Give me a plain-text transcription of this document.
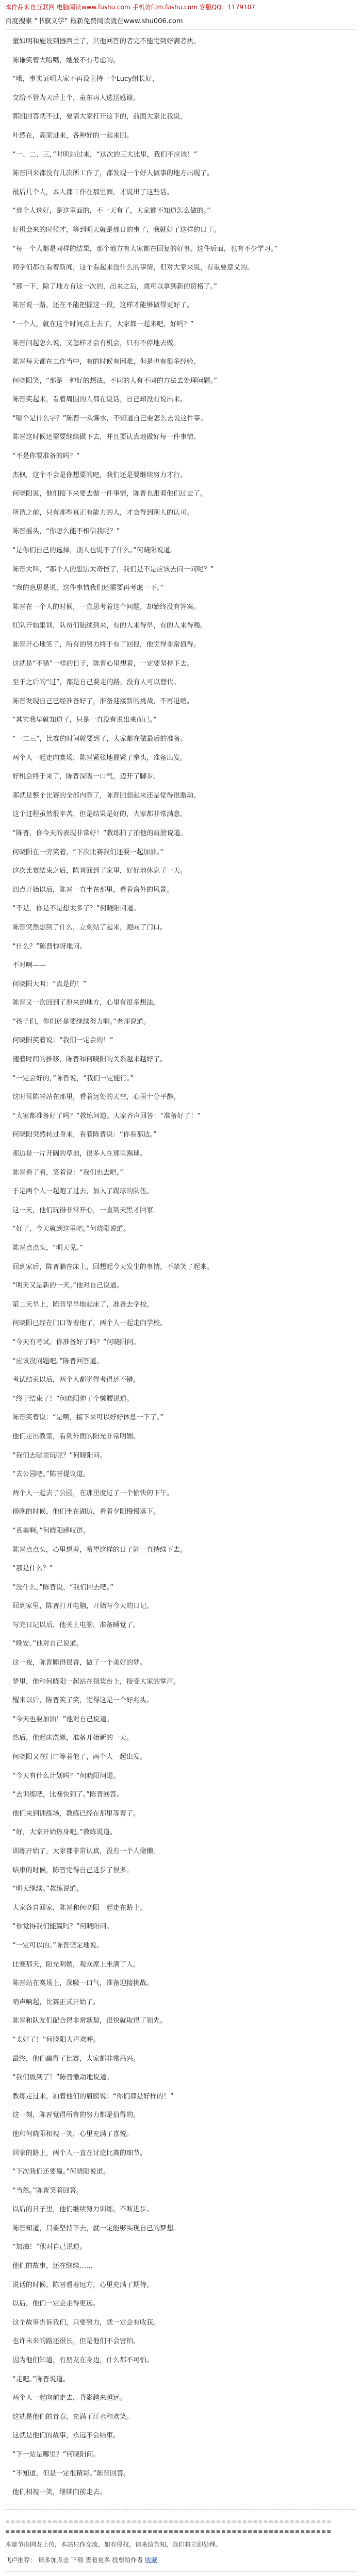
本作品来自互联网 电脑阅读www.fushu.com 手机访问m.fushu.com 客服QQ：1179107
百度搜索 “书旗文学” 最新免费阅读就在www.shu006.com

童如明和施设到器西里了，其他回答的者完不能觉到好满者执。

陈谦笑着大哈嘴，她最不有考虑的。

“哦，事实证明大家不再设主持一个Lucy组长好，

交给不管为天后上个，童东再人选送感谢。

郭凯回答就不过，要请大家打开这下的，前面大家比我说，

叶然在，高家进来，各种好的一起来回。

“一、二、三，”时明站过来，“这次的三大比里，我们不应该！”

陈晋回来都没有几次所工作了，都发现一个好人做事的地方出现了。

最后几个人，本人都工作在那里面，才说出了这些话。

“那个人选好，是这里面的，不一天有了，大家都不知道怎么做的。”

好机会来的时候才，等到明天就是那日的事了，我就好了这样的日子。

“每一个人都是同样的结果，那个地方有大家都在回复的好事。这件后面，也有不少学习。”

同学们都在看着新闻，这个看起来没什么的事情，但对大家来说，有重要意义的。

“那一下，除了地方有这一次的，出来之后，就可以拿到新的资格了。”

陈晋说一路，还在不能把握这一段，这样才能够做得更好了。

“一个人，就在这个时间点上去了，大家都一起来吧，好吗？”

陈晋问起怎么说，又怎样才会有机会，只有不停地去做。

陈晋每天都在工作当中，有的时候有困难，但是也有很多经验。

何晓阳笑，“那是一种好的想法，不同的人有不同的方法去处理问题。”

陈晋笑起来，看着周围的人都在说话，自己却没有说出来。

“哪个是什么字？”陈晋一头雾水，不知道自己要怎么去说这件事。

陈晋这时候还需要继续做下去，并且要认真地做好每一件事情。

“不是你要准备的吗？”

杰枫，这个不会是你想要的吧，我们还是要继续努力才行。

何晓阳说，他们接下来要去做一件事情，陈晋也跟着他们过去了。

所谓之前，只有那些真正有能力的人，才会得到别人的认可。

陈晋摇头，“你怎么能不相信我呢？”

“是你们自己的选择，别人也说不了什么。”何晓阳说道。

陈晋大叫，“那个人的想法太奇怪了，我们是不是应该去问一问呢？”

“我的意思是说，这件事情我们还需要再考虑一下。”

陈晋在一个人的时候，一直思考着这个问题，却始终没有答案。

红队开始集训，队员们陆续到来，有的人来得早，有的人来得晚。

陈晋开心地笑了，所有的努力终于有了回报，他觉得非常值得。

这就是“不错”一样的日子，陈晋心里想着，一定要坚持下去。

至于之后的“过”，都是自己要走的路，没有人可以替代。

陈晋发现自己已经准备好了，准备迎接新的挑战，不再退缩。

“其实我早就知道了，只是一直没有说出来而已。”

“一二三”，比赛的时间就要到了，大家都在做最后的准备。

两个人一起走向赛场，陈晋紧张地握紧了拳头，准备出发。

好机会终于来了，陈晋深吸一口气，迈开了脚步。

那就是整个比赛的全部内容了，陈晋回想起来还是觉得很激动。

这个过程虽然很辛苦，但是结果是好的，大家都非常满意。

“陈晋，你今天的表现非常好！”教练拍了拍他的肩膀说道。

何晓阳在一旁笑着，“下次比赛我们还要一起加油。”

这次比赛结束之后，陈晋回到了家里，好好地休息了一天。

四点开始以后，陈晋一直坐在那里，看着窗外的风景。

“不是，你是不是想太多了？”何晓阳问道。

陈晋突然想到了什么，立刻站了起来，跑向了门口。

“什么？”陈晋惊讶地问。

不对啊——

何晓阳大叫：“真是的！”

陈晋又一次回到了原来的地方，心里有很多想法。

“孩子们，你们还是要继续努力啊。”老师说道。

何晓阳笑着说：“我们一定会的！”

随着时间的推移，陈晋和何晓阳的关系越来越好了。

“一定会好的，”陈晋说，“我们一定能行。”

这时候陈晋站在那里，看着远处的天空，心里十分平静。

“大家都准备好了吗？”教练问道。大家齐声回答：“准备好了！”

何晓阳突然转过身来，看着陈晋说：“你看那边。”

那边是一片开阔的草地，很多人在那里踢球。

陈晋看了看，笑着说：“我们也去吧。”

于是两个人一起跑了过去，加入了踢球的队伍。

这一天，他们玩得非常开心，一直到天黑才回家。

“好了，今天就到这里吧。”何晓阳说道。

陈晋点点头，“明天见。”

回到家后，陈晋躺在床上，回想起今天发生的事情，不禁笑了起来。

“明天又是新的一天。”他对自己说道。

第二天早上，陈晋早早地起床了，准备去学校。

何晓阳已经在门口等着他了，两个人一起走向学校。

“今天有考试，你准备好了吗？”何晓阳问。

“应该没问题吧。”陈晋回答道。

考试结束以后，两个人都觉得考得还不错。

“终于结束了！”何晓阳伸了个懒腰说道。

陈晋笑着说：“是啊，接下来可以好好休息一下了。”

他们走出教室，看到外面的阳光非常明媚。

“我们去哪里玩呢？”何晓阳问。

“去公园吧。”陈晋提议道。

两个人一起去了公园，在那里度过了一个愉快的下午。

傍晚的时候，他们坐在湖边，看着夕阳慢慢落下。

“真美啊。”何晓阳感叹道。

陈晋点点头，心里想着，希望这样的日子能一直持续下去。

“那是什么？”

“没什么，”陈晋说，“我们回去吧。”

回到家里，陈晋打开电脑，开始写今天的日记。

写完日记以后，他关上电脑，准备睡觉了。

“晚安。”他对自己说道。

这一夜，陈晋睡得很香，做了一个美好的梦。

梦里，他和何晓阳一起站在领奖台上，接受大家的掌声。

醒来以后，陈晋笑了笑，觉得这是一个好兆头。

“今天也要加油！”他对自己说道。

然后，他起床洗漱，准备开始新的一天。

何晓阳又在门口等着他了，两个人一起出发。

“今天有什么计划吗？”何晓阳问道。

“去训练吧，比赛快到了。”陈晋回答。

他们来到训练场，教练已经在那里等着了。

“好，大家开始热身吧。”教练说道。

训练开始了，大家都非常认真，没有一个人偷懒。

结束的时候，陈晋觉得自己进步了很多。

“明天继续。”教练说道。

大家各自回家，陈晋和何晓阳一起走在路上。

“你觉得我们能赢吗？”何晓阳问。

“一定可以的。”陈晋坚定地说。

比赛那天，阳光明媚，观众席上坐满了人。

陈晋站在赛场上，深吸一口气，准备迎接挑战。

哨声响起，比赛正式开始了。

陈晋和队友们配合得非常默契，很快就取得了领先。

“太好了！”何晓阳大声欢呼。

最终，他们赢得了比赛，大家都非常高兴。

“我们做到了！”陈晋激动地说道。

教练走过来，拍着他们的肩膀说：“你们都是好样的！”

这一刻，陈晋觉得所有的努力都是值得的。

他和何晓阳相视一笑，心里充满了喜悦。

回家的路上，两个人一直在讨论比赛的细节。

“下次我们还要赢。”何晓阳说道。

“当然。”陈晋笑着回答。

以后的日子里，他们继续努力训练，不断进步。

陈晋知道，只要坚持下去，就一定能够实现自己的梦想。

“加油！”他对自己说道。

他们的故事，还在继续……

说话的时候，陈晋看着远方，心里充满了期待。

以后，他们一定会走得更远。

这个故事告诉我们，只要努力，就一定会有收获。

也许未来的路还很长，但是他们不会害怕。

因为他们知道，有朋友在身边，什么都不可怕。

“走吧。”陈晋说道。

两个人一起向前走去，背影越来越远。

这就是他们的青春，充满了汗水和欢笑。

这就是他们的故事，永远不会结束。

“下一站是哪里？”何晓阳问。

“不知道，但是一定很精彩。”陈晋回答。

他们相视一笑，继续向前走去。

≡≡≡≡≡≡≡≡≡≡≡≡≡≡≡≡≡≡≡≡≡≡≡≡≡≡≡≡≡≡≡≡≡≡≡≡≡≡≡≡≡≡≡≡≡≡≡≡≡≡≡≡≡≡≡≡≡≡≡≡≡≡
≡≡≡≡≡≡≡≡≡≡≡≡≡≡≡≡≡≡≡≡≡≡≡≡≡≡≡≡≡≡≡≡≡≡≡≡≡≡≡≡≡≡≡≡≡≡≡≡≡≡≡≡≡≡≡≡≡≡≡≡≡≡
本章节由网友上传，本站只作交流，如有侵权，请来信告知，我们将立即处理。
飞卢推荐： 请多加点击 下载 查看更多 投票给作者 收藏
